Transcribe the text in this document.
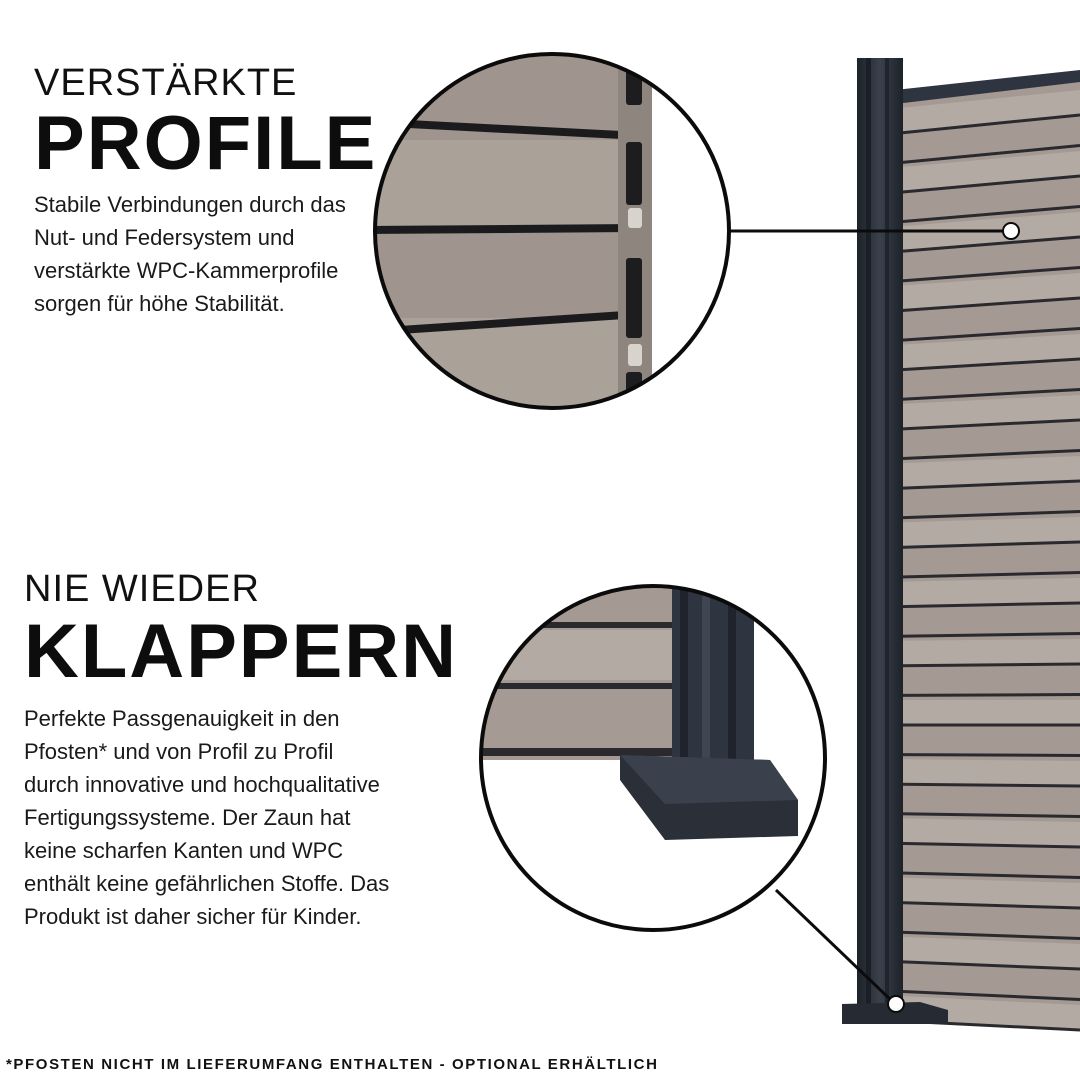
VERSTÄRKTE
PROFILE
Stabile Verbindungen durch das
Nut- und Federsystem und
verstärkte WPC-Kammerprofile
sorgen für höhe Stabilität.
NIE WIEDER
KLAPPERN
Perfekte Passgenauigkeit in den
Pfosten* und von Profil zu Profil
durch innovative und hochqualitative
Fertigungssysteme. Der Zaun hat
keine scharfen Kanten und WPC
enthält keine gefährlichen Stoffe. Das
Produkt ist daher sicher für Kinder.
*PFOSTEN NICHT IM LIEFERUMFANG ENTHALTEN - OPTIONAL ERHÄLTLICH
